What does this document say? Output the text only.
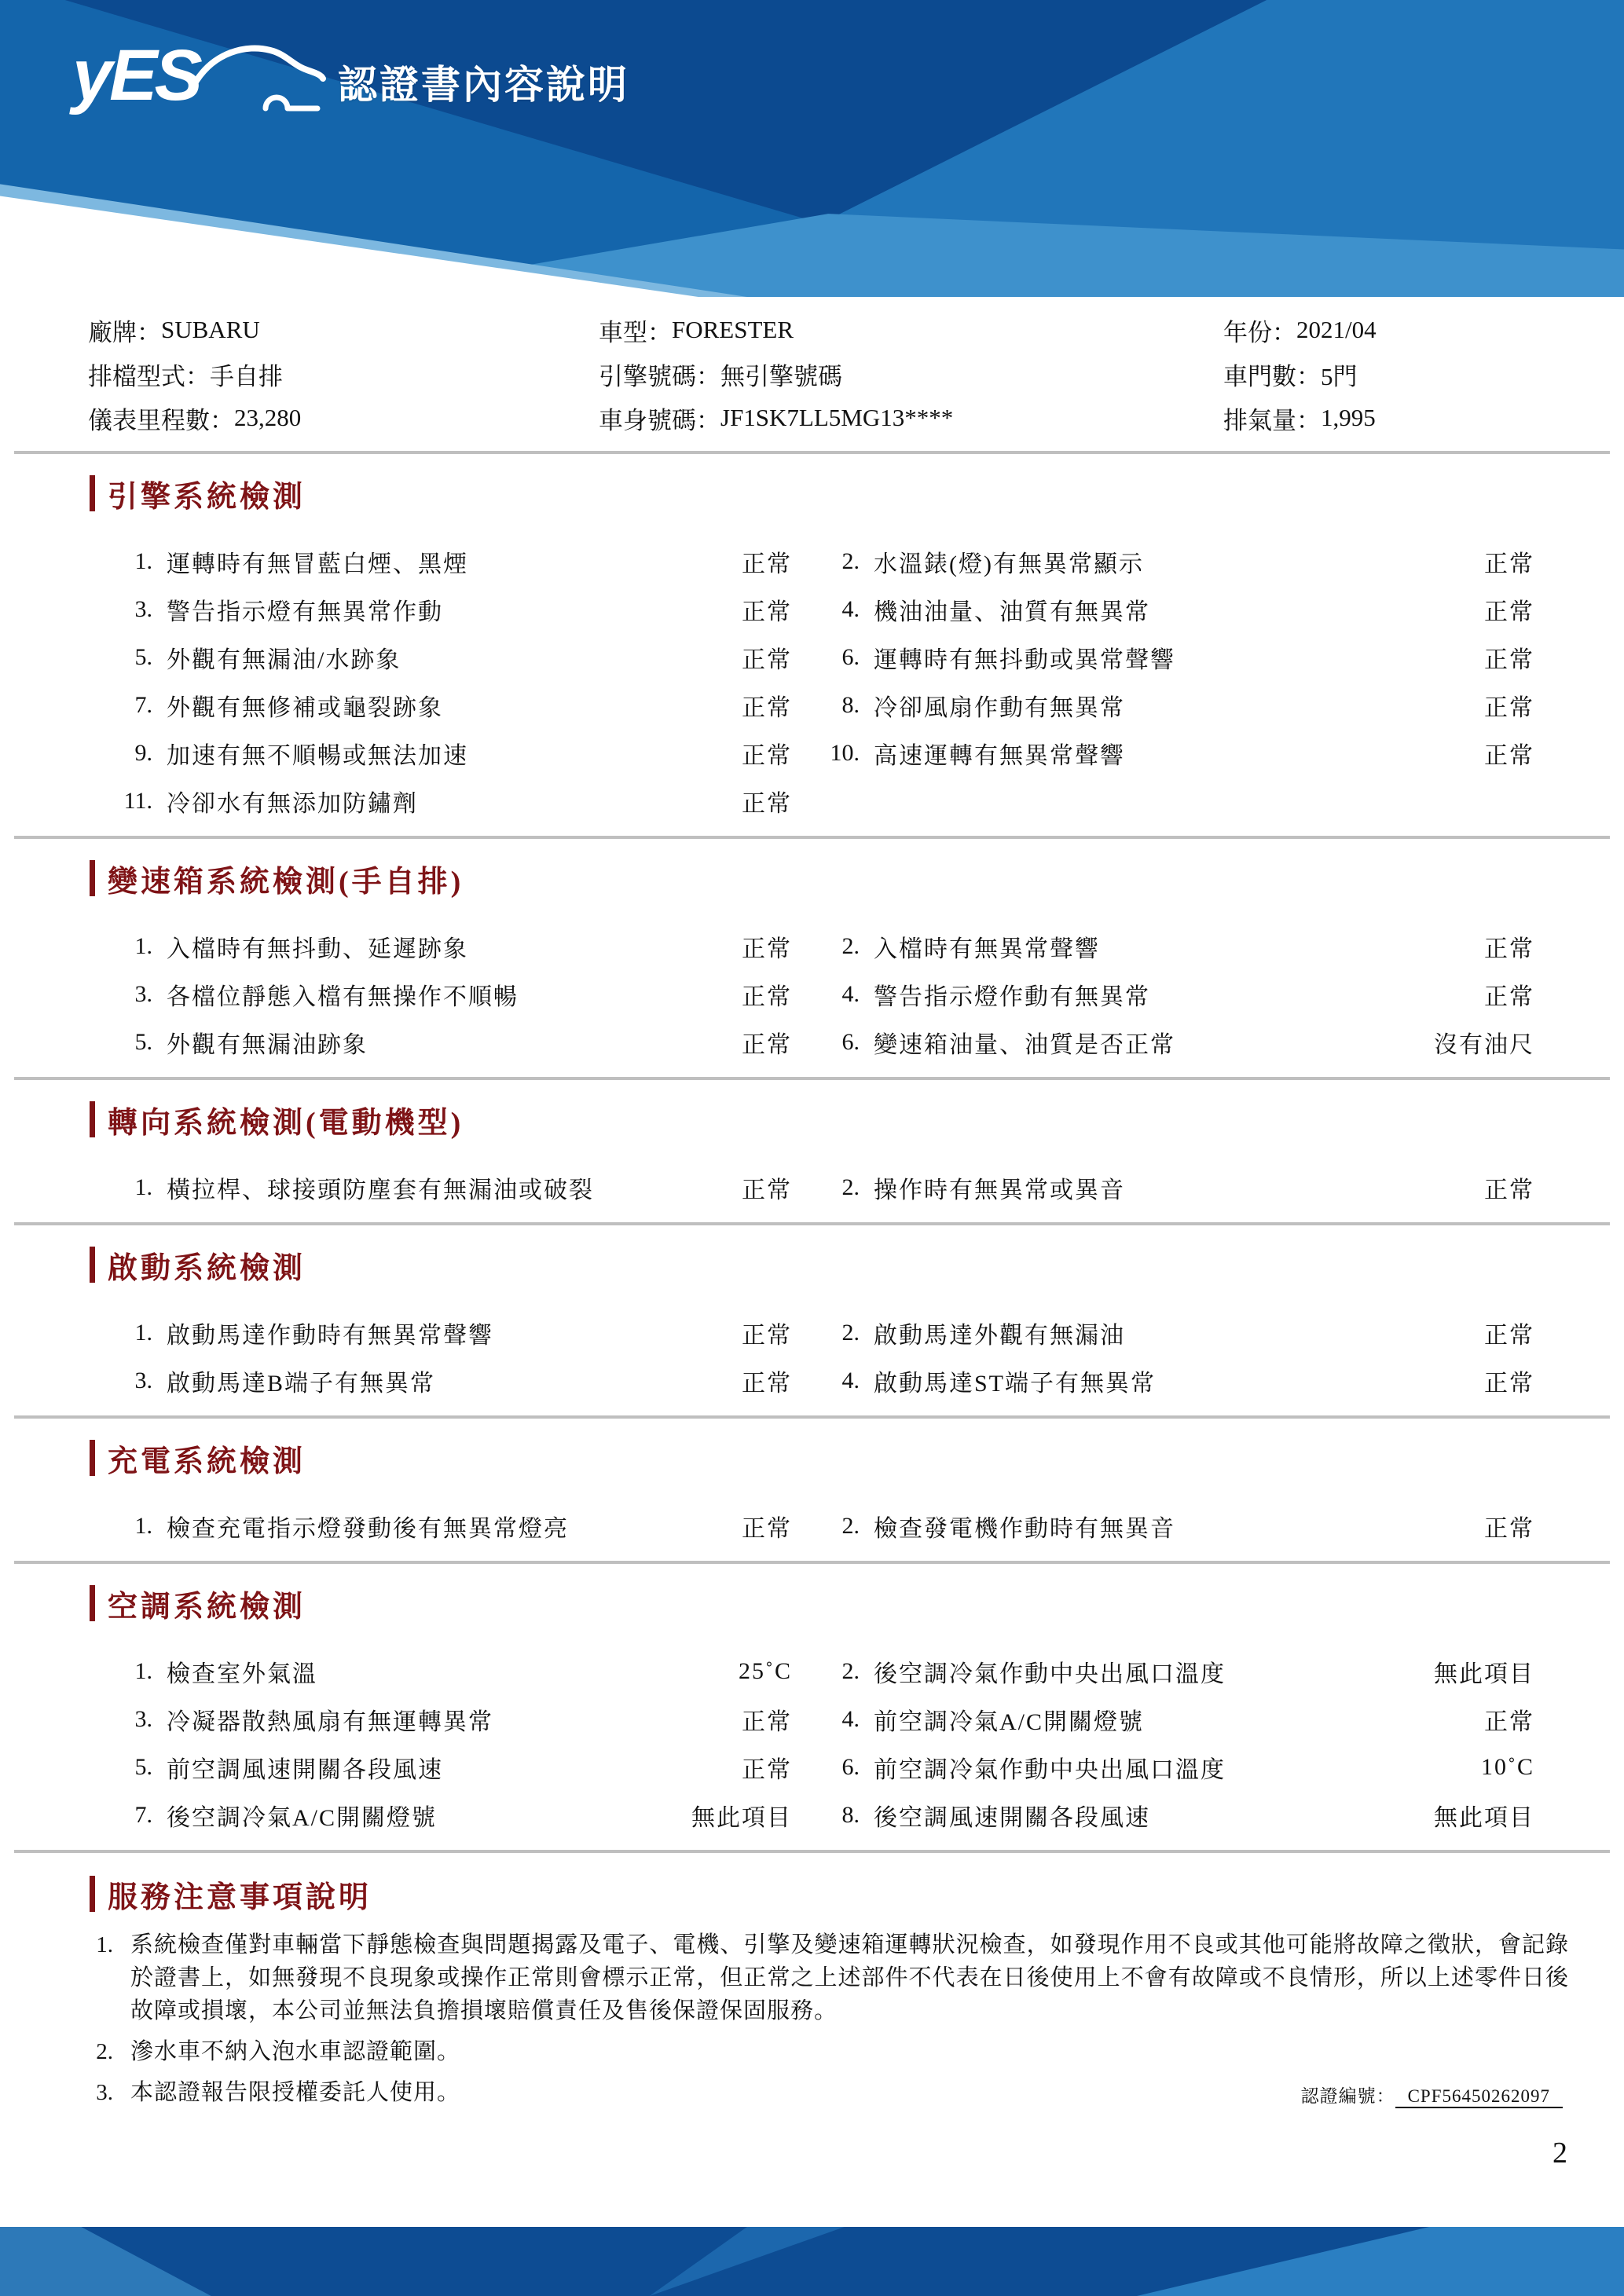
yES	認證書內容說明
廠牌： SUBARU	車型： FORESTER	年份： 2021/04
排檔型式： 手自排	引擎號碼： 無引擎號碼	車門數： 5門
儀表里程數： 23,280	車身號碼： JF1SK7LL5MG13****	排氣量： 1,995
引擎系統檢測
1. 運轉時有無冒藍白煙、黑煙	正常	2. 水溫錶(燈)有無異常顯示	正常
3. 警告指示燈有無異常作動	正常	4. 機油油量、油質有無異常	正常
5. 外觀有無漏油/水跡象	正常	6. 運轉時有無抖動或異常聲響	正常
7. 外觀有無修補或龜裂跡象	正常	8. 冷卻風扇作動有無異常	正常
9. 加速有無不順暢或無法加速	正常	10. 高速運轉有無異常聲響	正常
11. 冷卻水有無添加防鏽劑	正常
變速箱系統檢測(手自排)
1. 入檔時有無抖動、延遲跡象	正常	2. 入檔時有無異常聲響	正常
3. 各檔位靜態入檔有無操作不順暢	正常	4. 警告指示燈作動有無異常	正常
5. 外觀有無漏油跡象	正常	6. 變速箱油量、油質是否正常	沒有油尺
轉向系統檢測(電動機型)
1. 橫拉桿、球接頭防塵套有無漏油或破裂	正常	2. 操作時有無異常或異音	正常
啟動系統檢測
1. 啟動馬達作動時有無異常聲響	正常	2. 啟動馬達外觀有無漏油	正常
3. 啟動馬達B端子有無異常	正常	4. 啟動馬達ST端子有無異常	正常
充電系統檢測
1. 檢查充電指示燈發動後有無異常燈亮	正常	2. 檢查發電機作動時有無異音	正常
空調系統檢測
1. 檢查室外氣溫	25˚C	2. 後空調冷氣作動中央出風口溫度	無此項目
3. 冷凝器散熱風扇有無運轉異常	正常	4. 前空調冷氣A/C開關燈號	正常
5. 前空調風速開關各段風速	正常	6. 前空調冷氣作動中央出風口溫度	10˚C
7. 後空調冷氣A/C開關燈號	無此項目	8. 後空調風速開關各段風速	無此項目
服務注意事項說明
1. 系統檢查僅對車輛當下靜態檢查與問題揭露及電子、電機、引擎及變速箱運轉狀況檢查，如發現作用不良或其他可能將故障之徵狀，會記錄於證書上，如無發現不良現象或操作正常則會標示正常，但正常之上述部件不代表在日後使用上不會有故障或不良情形，所以上述零件日後故障或損壞，本公司並無法負擔損壞賠償責任及售後保證保固服務。
2. 滲水車不納入泡水車認證範圍。
3. 本認證報告限授權委託人使用。	認證編號： CPF56450262097
2
